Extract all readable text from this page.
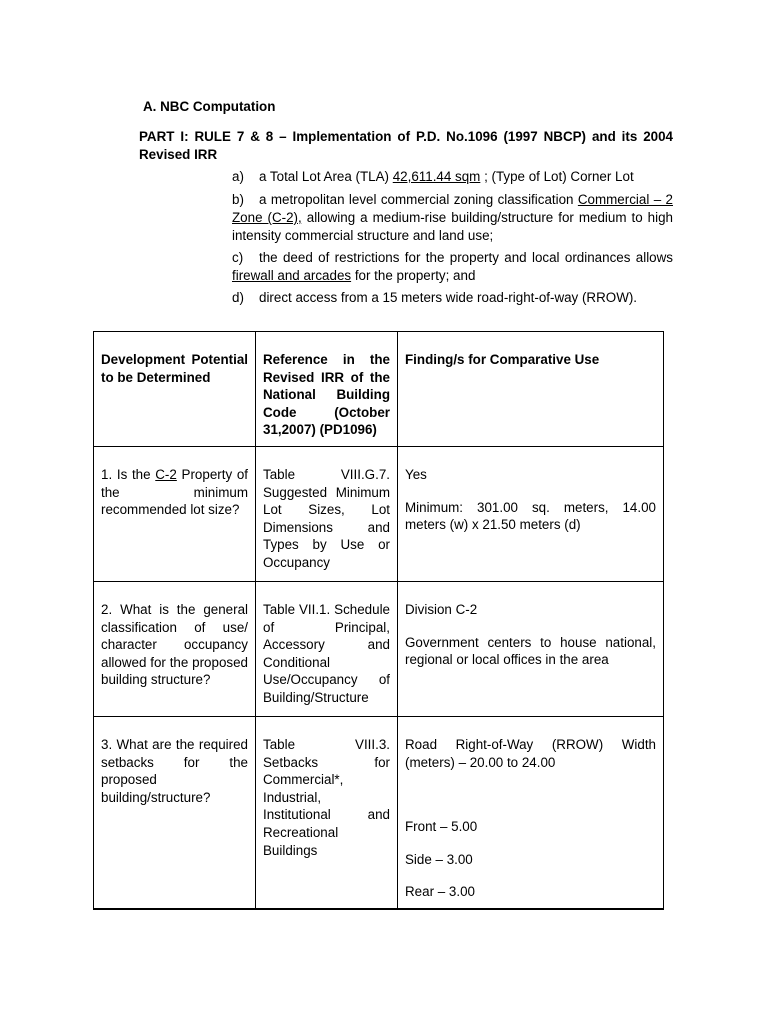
A. NBC Computation
PART I: RULE 7 & 8 – Implementation of P.D. No.1096 (1997 NBCP) and its 2004 Revised IRR
a) a Total Lot Area (TLA) 42,611.44 sqm ; (Type of Lot) Corner Lot
b) a metropolitan level commercial zoning classification Commercial – 2 Zone (C-2), allowing a medium-rise building/structure for medium to high intensity commercial structure and land use;
c) the deed of restrictions for the property and local ordinances allows firewall and arcades for the property; and
d) direct access from a 15 meters wide road-right-of-way (RROW).
Development Potential to be Determined	Reference in the Revised IRR of the National Building Code (October 31,2007) (PD1096)	Finding/s for Comparative Use
1. Is the C-2 Property of the minimum recommended lot size?	Table VIII.G.7. Suggested Minimum Lot Sizes, Lot Dimensions and Types by Use or Occupancy	Yes

Minimum: 301.00 sq. meters, 14.00 meters (w) x 21.50 meters (d)

2. What is the general classification of use/ character occupancy allowed for the proposed building structure?	Table VII.1. Schedule of Principal, Accessory and Conditional Use/Occupancy of Building/Structure	Division C-2

Government centers to house national, regional or local offices in the area

3. What are the required setbacks for the proposed building/structure?	Table VIII.3. Setbacks for Commercial*, Industrial, Institutional and Recreational Buildings	Road Right-of-Way (RROW) Width (meters) – 20.00 to 24.00

Front – 5.00

Side – 3.00

Rear – 3.00
